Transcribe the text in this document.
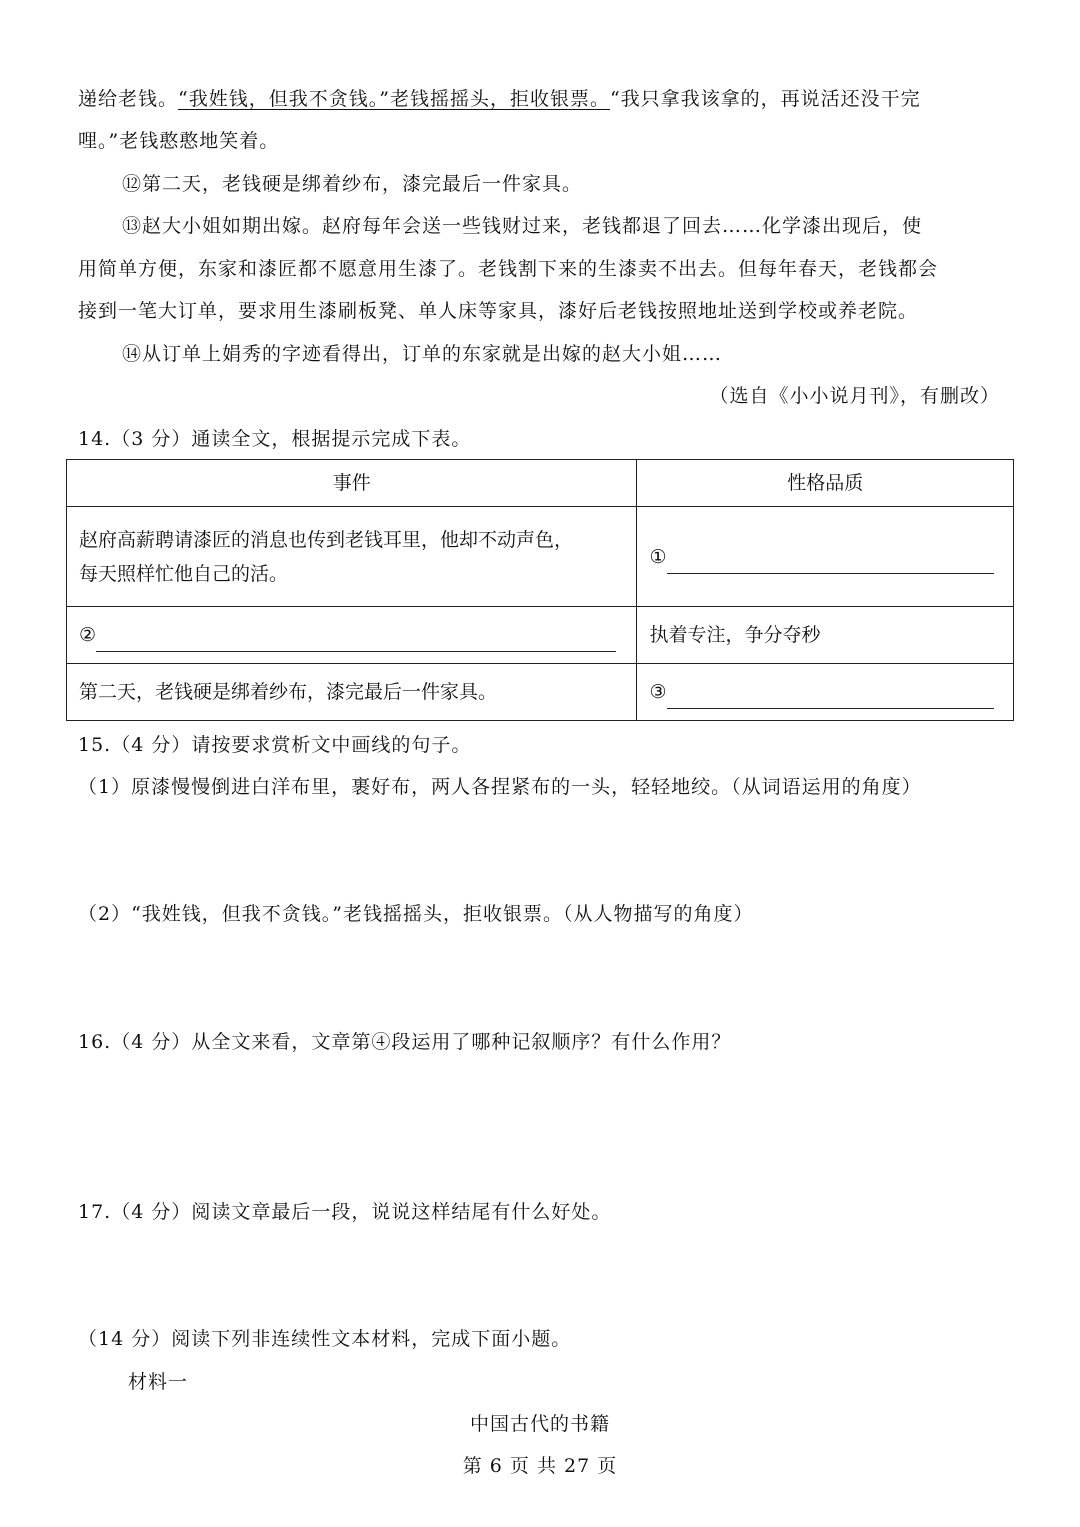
递给老钱。“我姓钱，但我不贪钱。”老钱摇摇头，拒收银票。“我只拿我该拿的，再说活还没干完
哩。”老钱憨憨地笑着。
⑫第二天，老钱硬是绑着纱布，漆完最后一件家具。
⑬赵大小姐如期出嫁。赵府每年会送一些钱财过来，老钱都退了回去……化学漆出现后，使
用简单方便，东家和漆匠都不愿意用生漆了。老钱割下来的生漆卖不出去。但每年春天，老钱都会
接到一笔大订单，要求用生漆刷板凳、单人床等家具，漆好后老钱按照地址送到学校或养老院。
⑭从订单上娟秀的字迹看得出，订单的东家就是出嫁的赵大小姐……
（选自《小小说月刊》，有删改）
14.（3 分）通读全文，根据提示完成下表。
事件	性格品质

赵府高薪聘请漆匠的消息也传到老钱耳里，他却不动声色，
每天照样忙他自己的活。	①
②	执着专注，争分夺秒
第二天，老钱硬是绑着纱布，漆完最后一件家具。	③
15.（4 分）请按要求赏析文中画线的句子。
（1）原漆慢慢倒进白洋布里，裹好布，两人各捏紧布的一头，轻轻地绞。（从词语运用的角度）
（2）“我姓钱，但我不贪钱。”老钱摇摇头，拒收银票。（从人物描写的角度）
16.（4 分）从全文来看，文章第④段运用了哪种记叙顺序？有什么作用？
17.（4 分）阅读文章最后一段，说说这样结尾有什么好处。
（14 分）阅读下列非连续性文本材料，完成下面小题。
材料一
中国古代的书籍
第 6 页 共 27 页
